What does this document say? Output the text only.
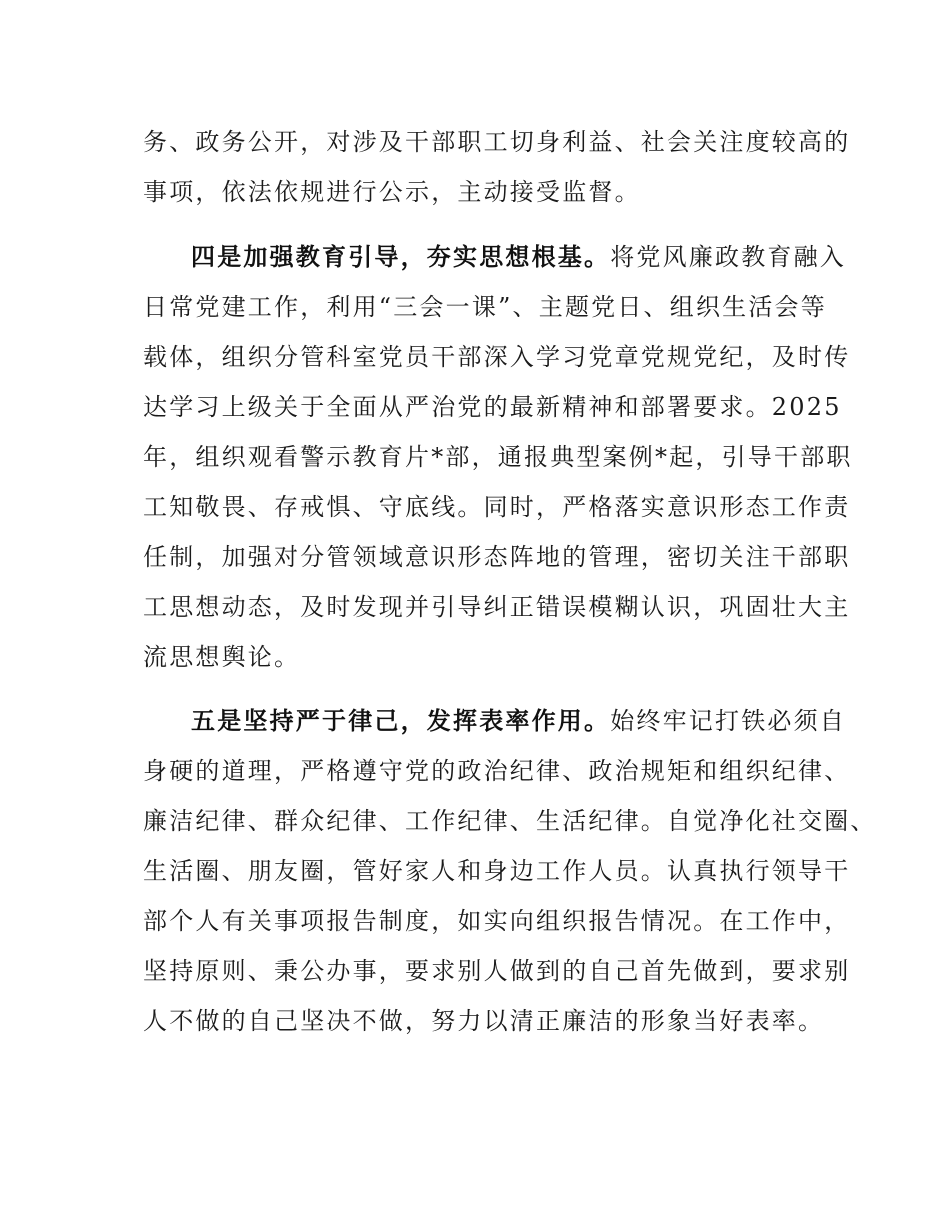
务、政务公开，对涉及干部职工切身利益、社会关注度较高的
事项，依法依规进行公示，主动接受监督。
四是加强教育引导，夯实思想根基。将党风廉政教育融入
日常党建工作，利用“三会一课”、主题党日、组织生活会等
载体，组织分管科室党员干部深入学习党章党规党纪，及时传
达学习上级关于全面从严治党的最新精神和部署要求。2025
年，组织观看警示教育片*部，通报典型案例*起，引导干部职
工知敬畏、存戒惧、守底线。同时，严格落实意识形态工作责
任制，加强对分管领域意识形态阵地的管理，密切关注干部职
工思想动态，及时发现并引导纠正错误模糊认识，巩固壮大主
流思想舆论。
五是坚持严于律己，发挥表率作用。始终牢记打铁必须自
身硬的道理，严格遵守党的政治纪律、政治规矩和组织纪律、
廉洁纪律、群众纪律、工作纪律、生活纪律。自觉净化社交圈、
生活圈、朋友圈，管好家人和身边工作人员。认真执行领导干
部个人有关事项报告制度，如实向组织报告情况。在工作中，
坚持原则、秉公办事，要求别人做到的自己首先做到，要求别
人不做的自己坚决不做，努力以清正廉洁的形象当好表率。
